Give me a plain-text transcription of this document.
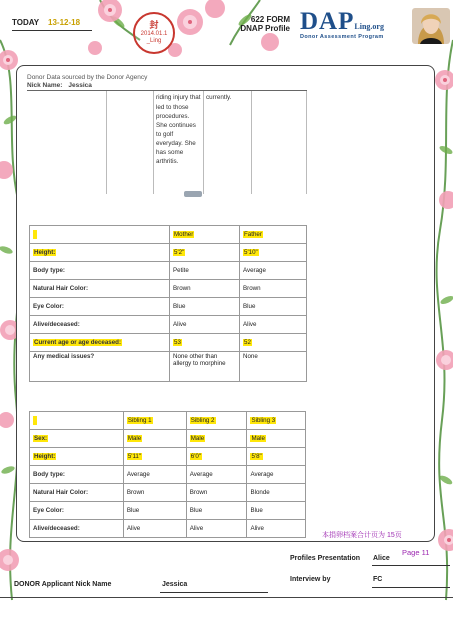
TODAY 13-12-18	封
2014.01.1
_Ling
622 FORM
DNAP Profile DAPLing.org
Donor Assessment Program
Donor Data sourced by the Donor Agency
Nick Name: Jessica
riding injury that led to those procedures. She continues to golf everyday. She has some arthritis.
currently.
	Mother	Father
Height:	5'2"	5'10"
Body type:	Petite	Average
Natural Hair Color:	Brown	Brown
Eye Color:	Blue	Blue
Alive/deceased:	Alive	Alive
Current age or age deceased:	53	52
Any medical issues?	None other than allergy to morphine	None
	Sibling 1	Sibling 2	Sibling 3
Sex:	Male	Male	Male
Height:	5'11"	6'0"	5'8"
Body type:	Average	Average	Average
Natural Hair Color:	Brown	Brown	Blonde
Eye Color:	Blue	Blue	Blue
Alive/deceased:	Alive	Alive	Alive
本捐卵档案合计页为 15页
Page 11
Profiles Presentation Alice
Interview by	FC
DONOR Applicant Nick Name	Jessica
